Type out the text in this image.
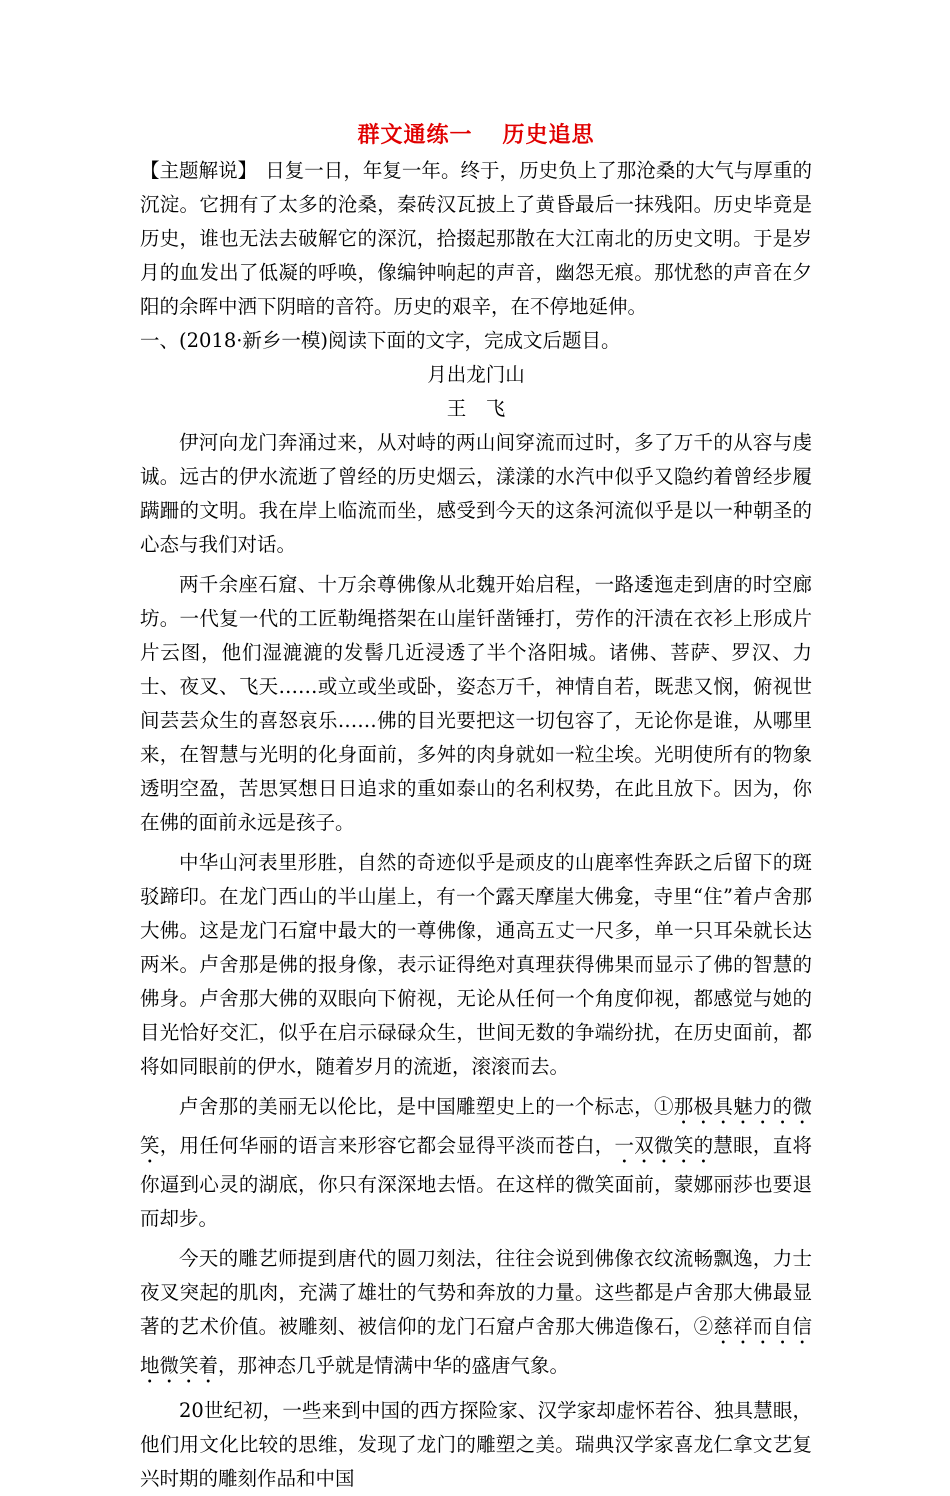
群文通练一 历史追思

【主题解说】 日复一日，年复一年。终于，历史负上了那沧桑的大气与厚重的沉淀。它拥有了太多的沧桑，秦砖汉瓦披上了黄昏最后一抹残阳。历史毕竟是历史，谁也无法去破解它的深沉，拾掇起那散在大江南北的历史文明。于是岁月的血发出了低凝的呼唤，像编钟响起的声音，幽怨无痕。那忧愁的声音在夕阳的余晖中洒下阴暗的音符。历史的艰辛，在不停地延伸。

一、(2018·新乡一模)阅读下面的文字，完成文后题目。

月出龙门山

王　飞

伊河向龙门奔涌过来，从对峙的两山间穿流而过时，多了万千的从容与虔诚。远古的伊水流逝了曾经的历史烟云，漾漾的水汽中似乎又隐约着曾经步履蹒跚的文明。我在岸上临流而坐，感受到今天的这条河流似乎是以一种朝圣的心态与我们对话。

两千余座石窟、十万余尊佛像从北魏开始启程，一路逶迤走到唐的时空廊坊。一代复一代的工匠勒绳搭架在山崖钎凿锤打，劳作的汗渍在衣衫上形成片片云图，他们湿漉漉的发髻几近浸透了半个洛阳城。诸佛、菩萨、罗汉、力士、夜叉、飞天……或立或坐或卧，姿态万千，神情自若，既悲又悯，俯视世间芸芸众生的喜怒哀乐……佛的目光要把这一切包容了，无论你是谁，从哪里来，在智慧与光明的化身面前，多舛的肉身就如一粒尘埃。光明使所有的物象透明空盈，苦思冥想日日追求的重如泰山的名利权势，在此且放下。因为，你在佛的面前永远是孩子。

中华山河表里形胜，自然的奇迹似乎是顽皮的山鹿率性奔跃之后留下的斑驳蹄印。在龙门西山的半山崖上，有一个露天摩崖大佛龛，寺里“住”着卢舍那大佛。这是龙门石窟中最大的一尊佛像，通高五丈一尺多，单一只耳朵就长达两米。卢舍那是佛的报身像，表示证得绝对真理获得佛果而显示了佛的智慧的佛身。卢舍那大佛的双眼向下俯视，无论从任何一个角度仰视，都感觉与她的目光恰好交汇，似乎在启示碌碌众生，世间无数的争端纷扰，在历史面前，都将如同眼前的伊水，随着岁月的流逝，滚滚而去。

卢舍那的美丽无以伦比，是中国雕塑史上的一个标志，①那极具魅力的微笑，用任何华丽的语言来形容它都会显得平淡而苍白，一双微笑的慧眼，直将你逼到心灵的湖底，你只有深深地去悟。在这样的微笑面前，蒙娜丽莎也要退而却步。

今天的雕艺师提到唐代的圆刀刻法，往往会说到佛像衣纹流畅飘逸，力士夜叉突起的肌肉，充满了雄壮的气势和奔放的力量。这些都是卢舍那大佛最显著的艺术价值。被雕刻、被信仰的龙门石窟卢舍那大佛造像石，②慈祥而自信地微笑着，那神态几乎就是情满中华的盛唐气象。

20世纪初，一些来到中国的西方探险家、汉学家却虚怀若谷、独具慧眼，他们用文化比较的思维，发现了龙门的雕塑之美。瑞典汉学家喜龙仁拿文艺复兴时期的雕刻作品和中国
